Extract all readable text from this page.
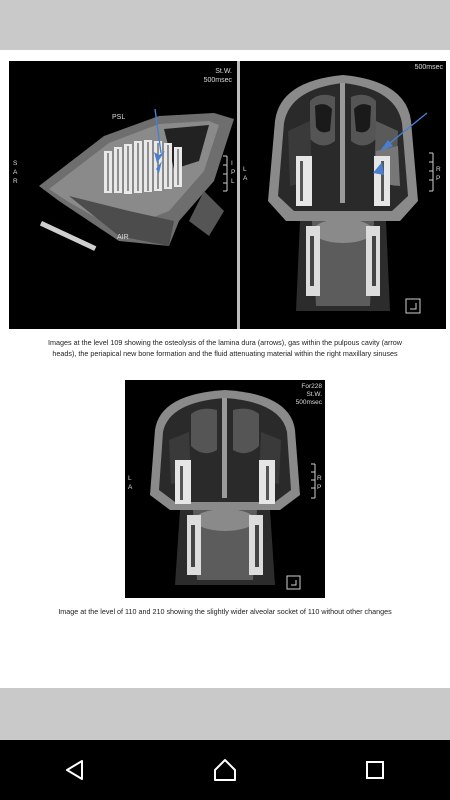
St.W.
500msec
PSL
AIR
S
A
R
I
P
L
500msec
L
A
R
P
Images at the level 109 showing the osteolysis of the lamina dura (arrows), gas within the pulpous cavity (arrow heads), the periapical new bone formation and the fluid attenuating material within the right maxillary sinuses
For228
St.W.
500msec
L
A
R
P
Image at the level of 110 and 210 showing the slightly wider alveolar socket of 110 without other changes
